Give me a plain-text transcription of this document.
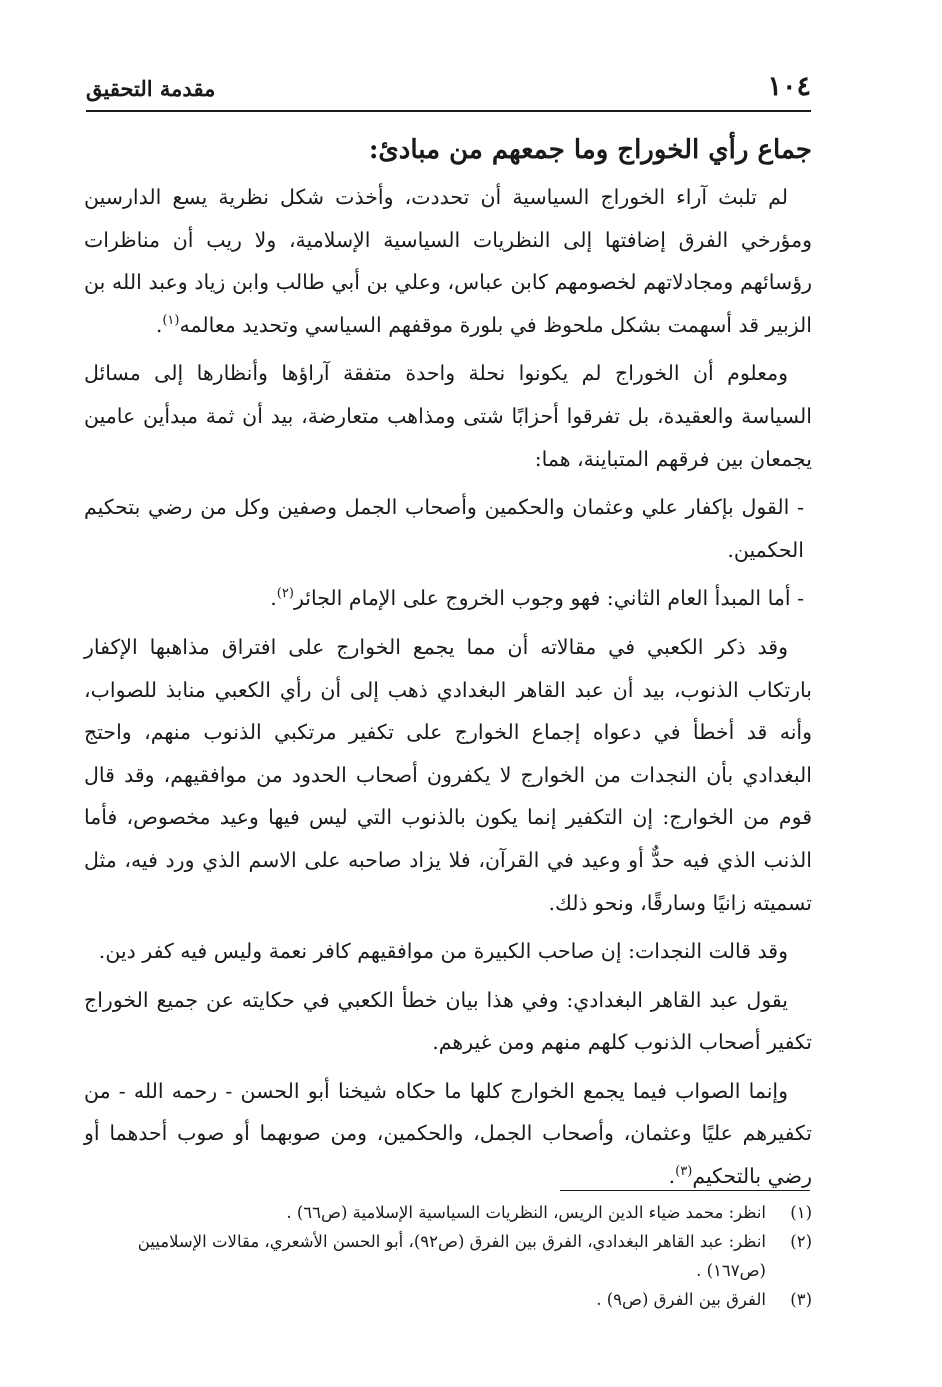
١٠٤
مقدمة التحقيق
جماع رأي الخوراج وما جمعهم من مبادئ:

لم تلبث آراء الخوراج السياسية أن تحددت، وأخذت شكل نظرية يسع الدارسين ومؤرخي الفرق إضافتها إلى النظريات السياسية الإسلامية، ولا ريب أن مناظرات رؤسائهم ومجادلاتهم لخصومهم كابن عباس، وعلي بن أبي طالب وابن زياد وعبد الله بن الزبير قد أسهمت بشكل ملحوظ في بلورة موقفهم السياسي وتحديد معالمه$^{(١)}$.

ومعلوم أن الخوراج لم يكونوا نحلة واحدة متفقة آراؤها وأنظارها إلى مسائل السياسة والعقيدة، بل تفرقوا أحزابًا شتى ومذاهب متعارضة، بيد أن ثمة مبدأين عامين يجمعان بين فرقهم المتباينة، هما:

- القول بإكفار علي وعثمان والحكمين وأصحاب الجمل وصفين وكل من رضي بتحكيم الحكمين.

- أما المبدأ العام الثاني: فهو وجوب الخروج على الإمام الجائر$^{(٢)}$.

وقد ذكر الكعبي في مقالاته أن مما يجمع الخوارج على افتراق مذاهبها الإكفار بارتكاب الذنوب، بيد أن عبد القاهر البغدادي ذهب إلى أن رأي الكعبي منابذ للصواب، وأنه قد أخطأ في دعواه إجماع الخوارج على تكفير مرتكبي الذنوب منهم، واحتج البغدادي بأن النجدات من الخوارج لا يكفرون أصحاب الحدود من موافقيهم، وقد قال قوم من الخوارج: إن التكفير إنما يكون بالذنوب التي ليس فيها وعيد مخصوص، فأما الذنب الذي فيه حدٌّ أو وعيد في القرآن، فلا يزاد صاحبه على الاسم الذي ورد فيه، مثل تسميته زانيًا وسارقًا، ونحو ذلك.

وقد قالت النجدات: إن صاحب الكبيرة من موافقيهم كافر نعمة وليس فيه كفر دين.

يقول عبد القاهر البغدادي: وفي هذا بيان خطأ الكعبي في حكايته عن جميع الخوراج تكفير أصحاب الذنوب كلهم منهم ومن غيرهم.

وإنما الصواب فيما يجمع الخوارج كلها ما حكاه شيخنا أبو الحسن - رحمه الله - من تكفيرهم عليًا وعثمان، وأصحاب الجمل، والحكمين، ومن صوبهما أو صوب أحدهما أو رضي بالتحكيم$^{(٣)}$.

(١)
انظر: محمد ضياء الدين الريس، النظريات السياسية الإسلامية (ص٦٦) .

(٢)
انظر: عبد القاهر البغدادي، الفرق بين الفرق (ص٩٢)، أبو الحسن الأشعري، مقالات الإسلاميين (ص١٦٧) .

(٣)
الفرق بين الفرق (ص٩) .
